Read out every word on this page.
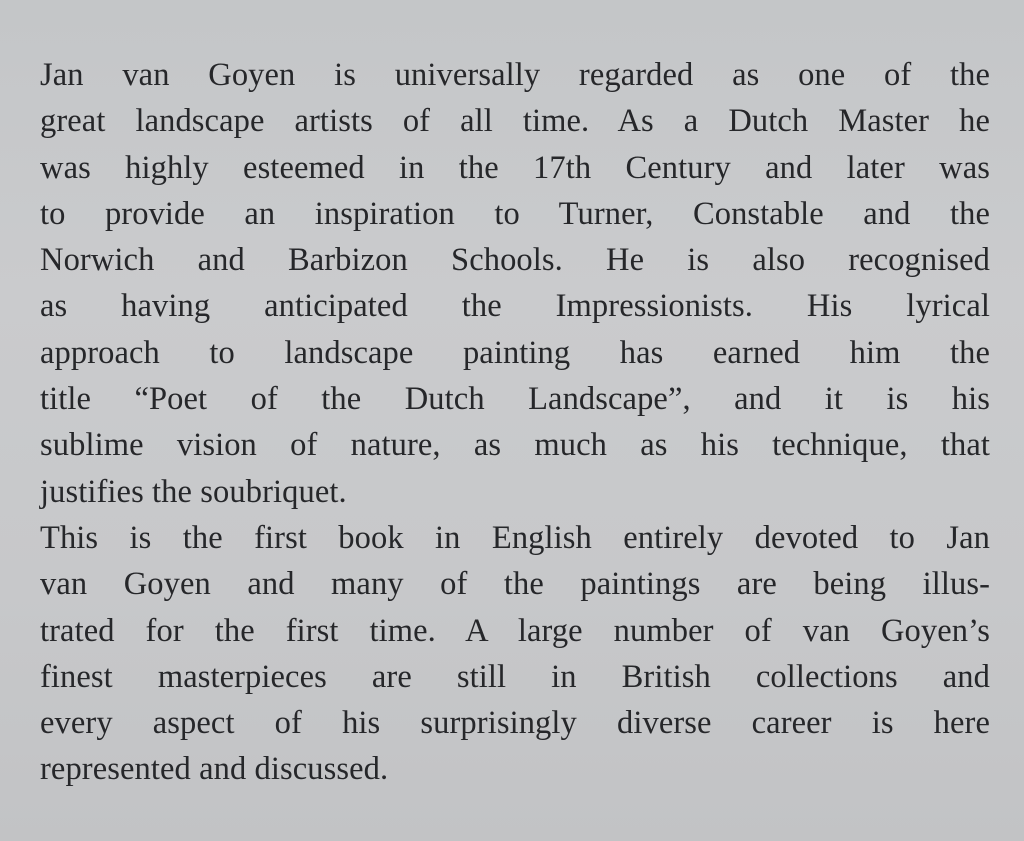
Jan van Goyen is universally regarded as one of the
great landscape artists of all time. As a Dutch Master he
was highly esteemed in the 17th Century and later was
to provide an inspiration to Turner, Constable and the
Norwich and Barbizon Schools. He is also recognised
as having anticipated the Impressionists. His lyrical
approach to landscape painting has earned him the
title “Poet of the Dutch Landscape”, and it is his
sublime vision of nature, as much as his technique, that
justifies the soubriquet.
This is the first book in English entirely devoted to Jan
van Goyen and many of the paintings are being illus-
trated for the first time. A large number of van Goyen’s
finest masterpieces are still in British collections and
every aspect of his surprisingly diverse career is here
represented and discussed.
